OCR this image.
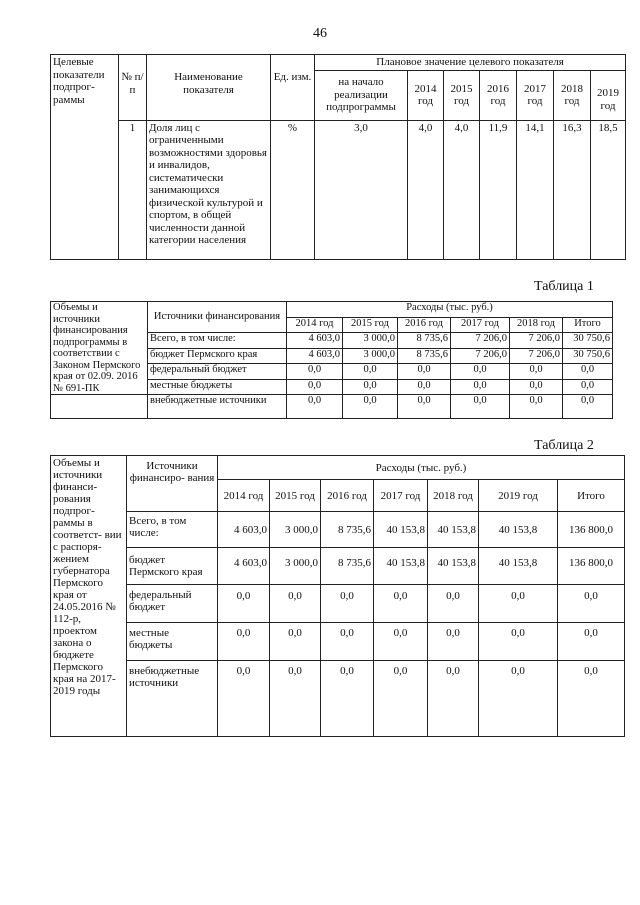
46
Целевые показатели подпрог- раммы	№ п/п	Наименование показателя	Ед. изм.	Плановое значение целевого показателя						
				на начало реализации подпрограммы	2014 год	2015 год	2016 год	2017 год	2018 год	2019 год
	1	Доля лиц с ограниченными возможностями здоровья и инвалидов, систематически занимающихся физической культурой и спортом, в общей численности данной категории населения	%	3,0	4,0	4,0	11,9	14,1	16,3	18,5
Таблица 1
Объемы и источники финансирования подпрограммы в соответствии с Законом Пермского края от 02.09. 2016 № 691-ПК	Источники финансирования	Расходы (тыс. руб.)					
		2014 год	2015 год	2016 год	2017 год	2018 год	Итого
	Всего, в том числе:	4 603,0	3 000,0	8 735,6	7 206,0	7 206,0	30 750,6
	бюджет Пермского края	4 603,0	3 000,0	8 735,6	7 206,0	7 206,0	30 750,6
	федеральный бюджет	0,0	0,0	0,0	0,0	0,0	0,0
	местные бюджеты	0,0	0,0	0,0	0,0	0,0	0,0
	внебюджетные источники	0,0	0,0	0,0	0,0	0,0	0,0
Таблица 2
Объемы и источники финанси- рования подпрог- раммы в соответст- вии с распоря- жением губернатора Пермского края от 24.05.2016 № 112-р, проектом закона о бюджете Пермского края на 2017- 2019 годы	Источники финансиро- вания	Расходы (тыс. руб.)						
		2014 год	2015 год	2016 год	2017 год	2018 год	2019 год	Итого
	Всего, в том числе:	4 603,0	3 000,0	8 735,6	40 153,8	40 153,8	40 153,8	136 800,0
	бюджет Пермского края	4 603,0	3 000,0	8 735,6	40 153,8	40 153,8	40 153,8	136 800,0
	федеральный бюджет	0,0	0,0	0,0	0,0	0,0	0,0	0,0
	местные бюджеты	0,0	0,0	0,0	0,0	0,0	0,0	0,0
	внебюджетные источники	0,0	0,0	0,0	0,0	0,0	0,0	0,0
